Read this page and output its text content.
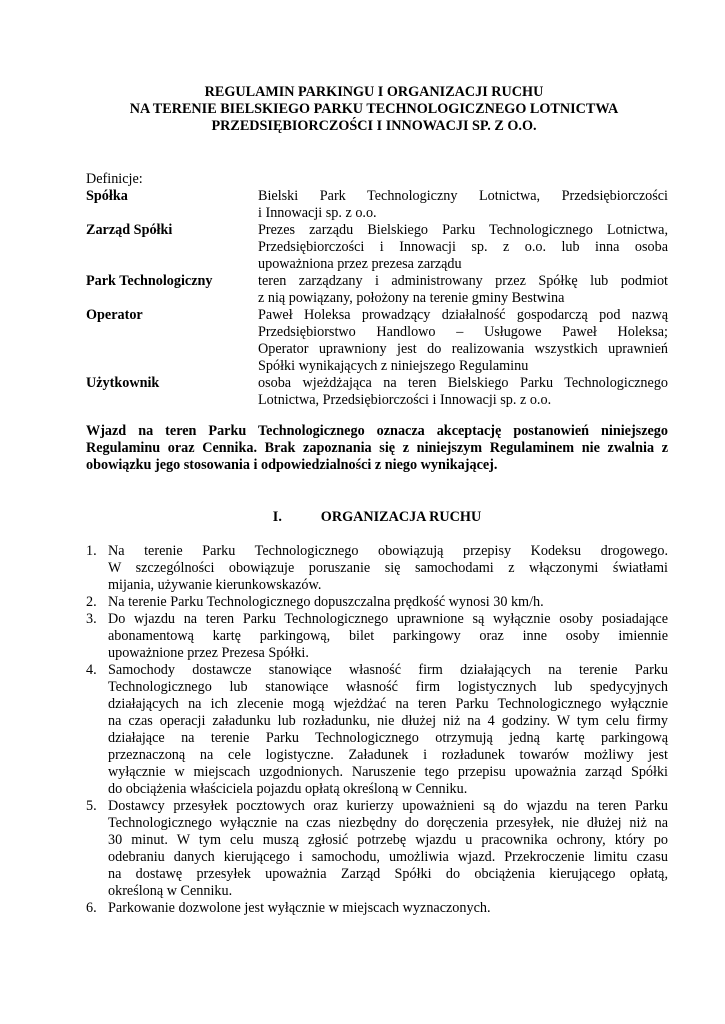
REGULAMIN PARKINGU I ORGANIZACJI RUCHU
NA TERENIE BIELSKIEGO PARKU TECHNOLOGICZNEGO LOTNICTWA
PRZEDSIĘBIORCZOŚCI I INNOWACJI SP. Z O.O.
Definicje:
Spółka	Bielski Park Technologiczny Lotnictwa, Przedsiębiorczości
i Innowacji sp. z o.o.
Zarząd Spółki	Prezes zarządu Bielskiego Parku Technologicznego Lotnictwa,
Przedsiębiorczości i Innowacji sp. z o.o. lub inna osoba
upoważniona przez prezesa zarządu
Park Technologiczny	teren zarządzany i administrowany przez Spółkę lub podmiot
z nią powiązany, położony na terenie gminy Bestwina
Operator	Paweł Holeksa prowadzący działalność gospodarczą pod nazwą
Przedsiębiorstwo Handlowo – Usługowe Paweł Holeksa;
Operator uprawniony jest do realizowania wszystkich uprawnień
Spółki wynikających z niniejszego Regulaminu
Użytkownik	osoba wjeżdżająca na teren Bielskiego Parku Technologicznego
Lotnictwa, Przedsiębiorczości i Innowacji sp. z o.o.
Wjazd na teren Parku Technologicznego oznacza akceptację postanowień niniejszego Regulaminu oraz Cennika. Brak zapoznania się z niniejszym Regulaminem nie zwalnia z obowiązku jego stosowania i odpowiedzialności z niego wynikającej.
I.	ORGANIZACJA RUCHU
1. Na terenie Parku Technologicznego obowiązują przepisy Kodeksu drogowego.
W szczególności obowiązuje poruszanie się samochodami z włączonymi światłami
mijania, używanie kierunkowskazów.
2. Na terenie Parku Technologicznego dopuszczalna prędkość wynosi 30 km/h.
3. Do wjazdu na teren Parku Technologicznego uprawnione są wyłącznie osoby posiadające
abonamentową kartę parkingową, bilet parkingowy oraz inne osoby imiennie
upoważnione przez Prezesa Spółki.
4. Samochody dostawcze stanowiące własność firm działających na terenie Parku
Technologicznego lub stanowiące własność firm logistycznych lub spedycyjnych
działających na ich zlecenie mogą wjeżdżać na teren Parku Technologicznego wyłącznie
na czas operacji załadunku lub rozładunku, nie dłużej niż na 4 godziny. W tym celu firmy
działające na terenie Parku Technologicznego otrzymują jedną kartę parkingową
przeznaczoną na cele logistyczne. Załadunek i rozładunek towarów możliwy jest
wyłącznie w miejscach uzgodnionych. Naruszenie tego przepisu upoważnia zarząd Spółki
do obciążenia właściciela pojazdu opłatą określoną w Cenniku.
5. Dostawcy przesyłek pocztowych oraz kurierzy upoważnieni są do wjazdu na teren Parku
Technologicznego wyłącznie na czas niezbędny do doręczenia przesyłek, nie dłużej niż na
30 minut. W tym celu muszą zgłosić potrzebę wjazdu u pracownika ochrony, który po
odebraniu danych kierującego i samochodu, umożliwia wjazd. Przekroczenie limitu czasu
na dostawę przesyłek upoważnia Zarząd Spółki do obciążenia kierującego opłatą,
określoną w Cenniku.
6. Parkowanie dozwolone jest wyłącznie w miejscach wyznaczonych.
